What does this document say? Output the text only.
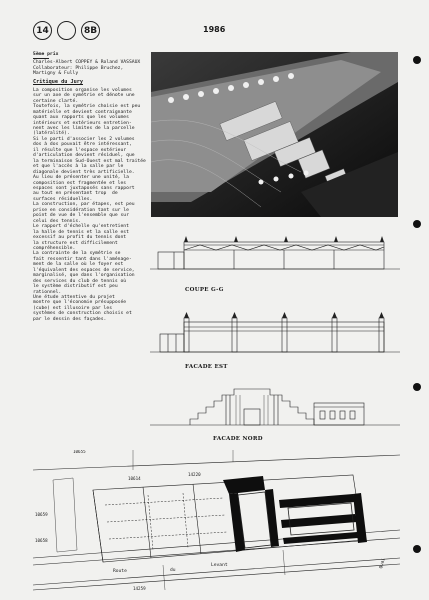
14	8B	1986
5ème prix
Charles-Albert COPPEY & Roland VASSAUX
Collaborateur: Philippe Bruchez,
Martigny & Fully
Critique du Jury
La composition organise les volumes
sur un axe de symétrie et dénote une
certaine clarté.
Toutefois, la symétrie choisie est peu
matérielle et devient contraignante
quant aux rapports que les volumes
intérieurs et extérieurs entretien-
nent avec les limites de la parcelle
(latéralité).
Si le parti d'associer les 2 volumes
dos à dos pouvait être intéressant,
il résulte que l'espace extérieur
d'articulation devient résiduel, que
la terminaison Sud-Ouest est mal traitée
et que l'accès à la salle par le
diagonale devient très artificielle.
Au lieu de présenter une unité, la
composition est fragmentée et les
espaces sont juxtaposés sans rapport
au tout en présentant trop  de
surfaces résiduelles.
La construction, par étapes, est peu
prise en considération tant sur le
point de vue de l'ensemble que sur
celui des tennis.
Le rapport d'échelle qu'entretient
la halle de tennis et la salle est
excessif au profit du tennis dont
la structure est difficilement
compréhensible.
La contrainte de la symétrie se
fait ressentir tant dans l'aménage-
ment de la salle où le foyer est
l'équivalent des espaces de service,
marginalisé, que dans l'organisation
des services du club de tennis où
le système distributif est peu
rationnel.
Une étude attentive du projet
montre que l'économie présupposée
(cube) est illusoire par les
systèmes de construction choisis et
par le dessin des façades.
COUPE G-G
FACADE EST
FACADE NORD
10655
10614
14220
10659
10658
14259
Route	du
Levant	Quai
